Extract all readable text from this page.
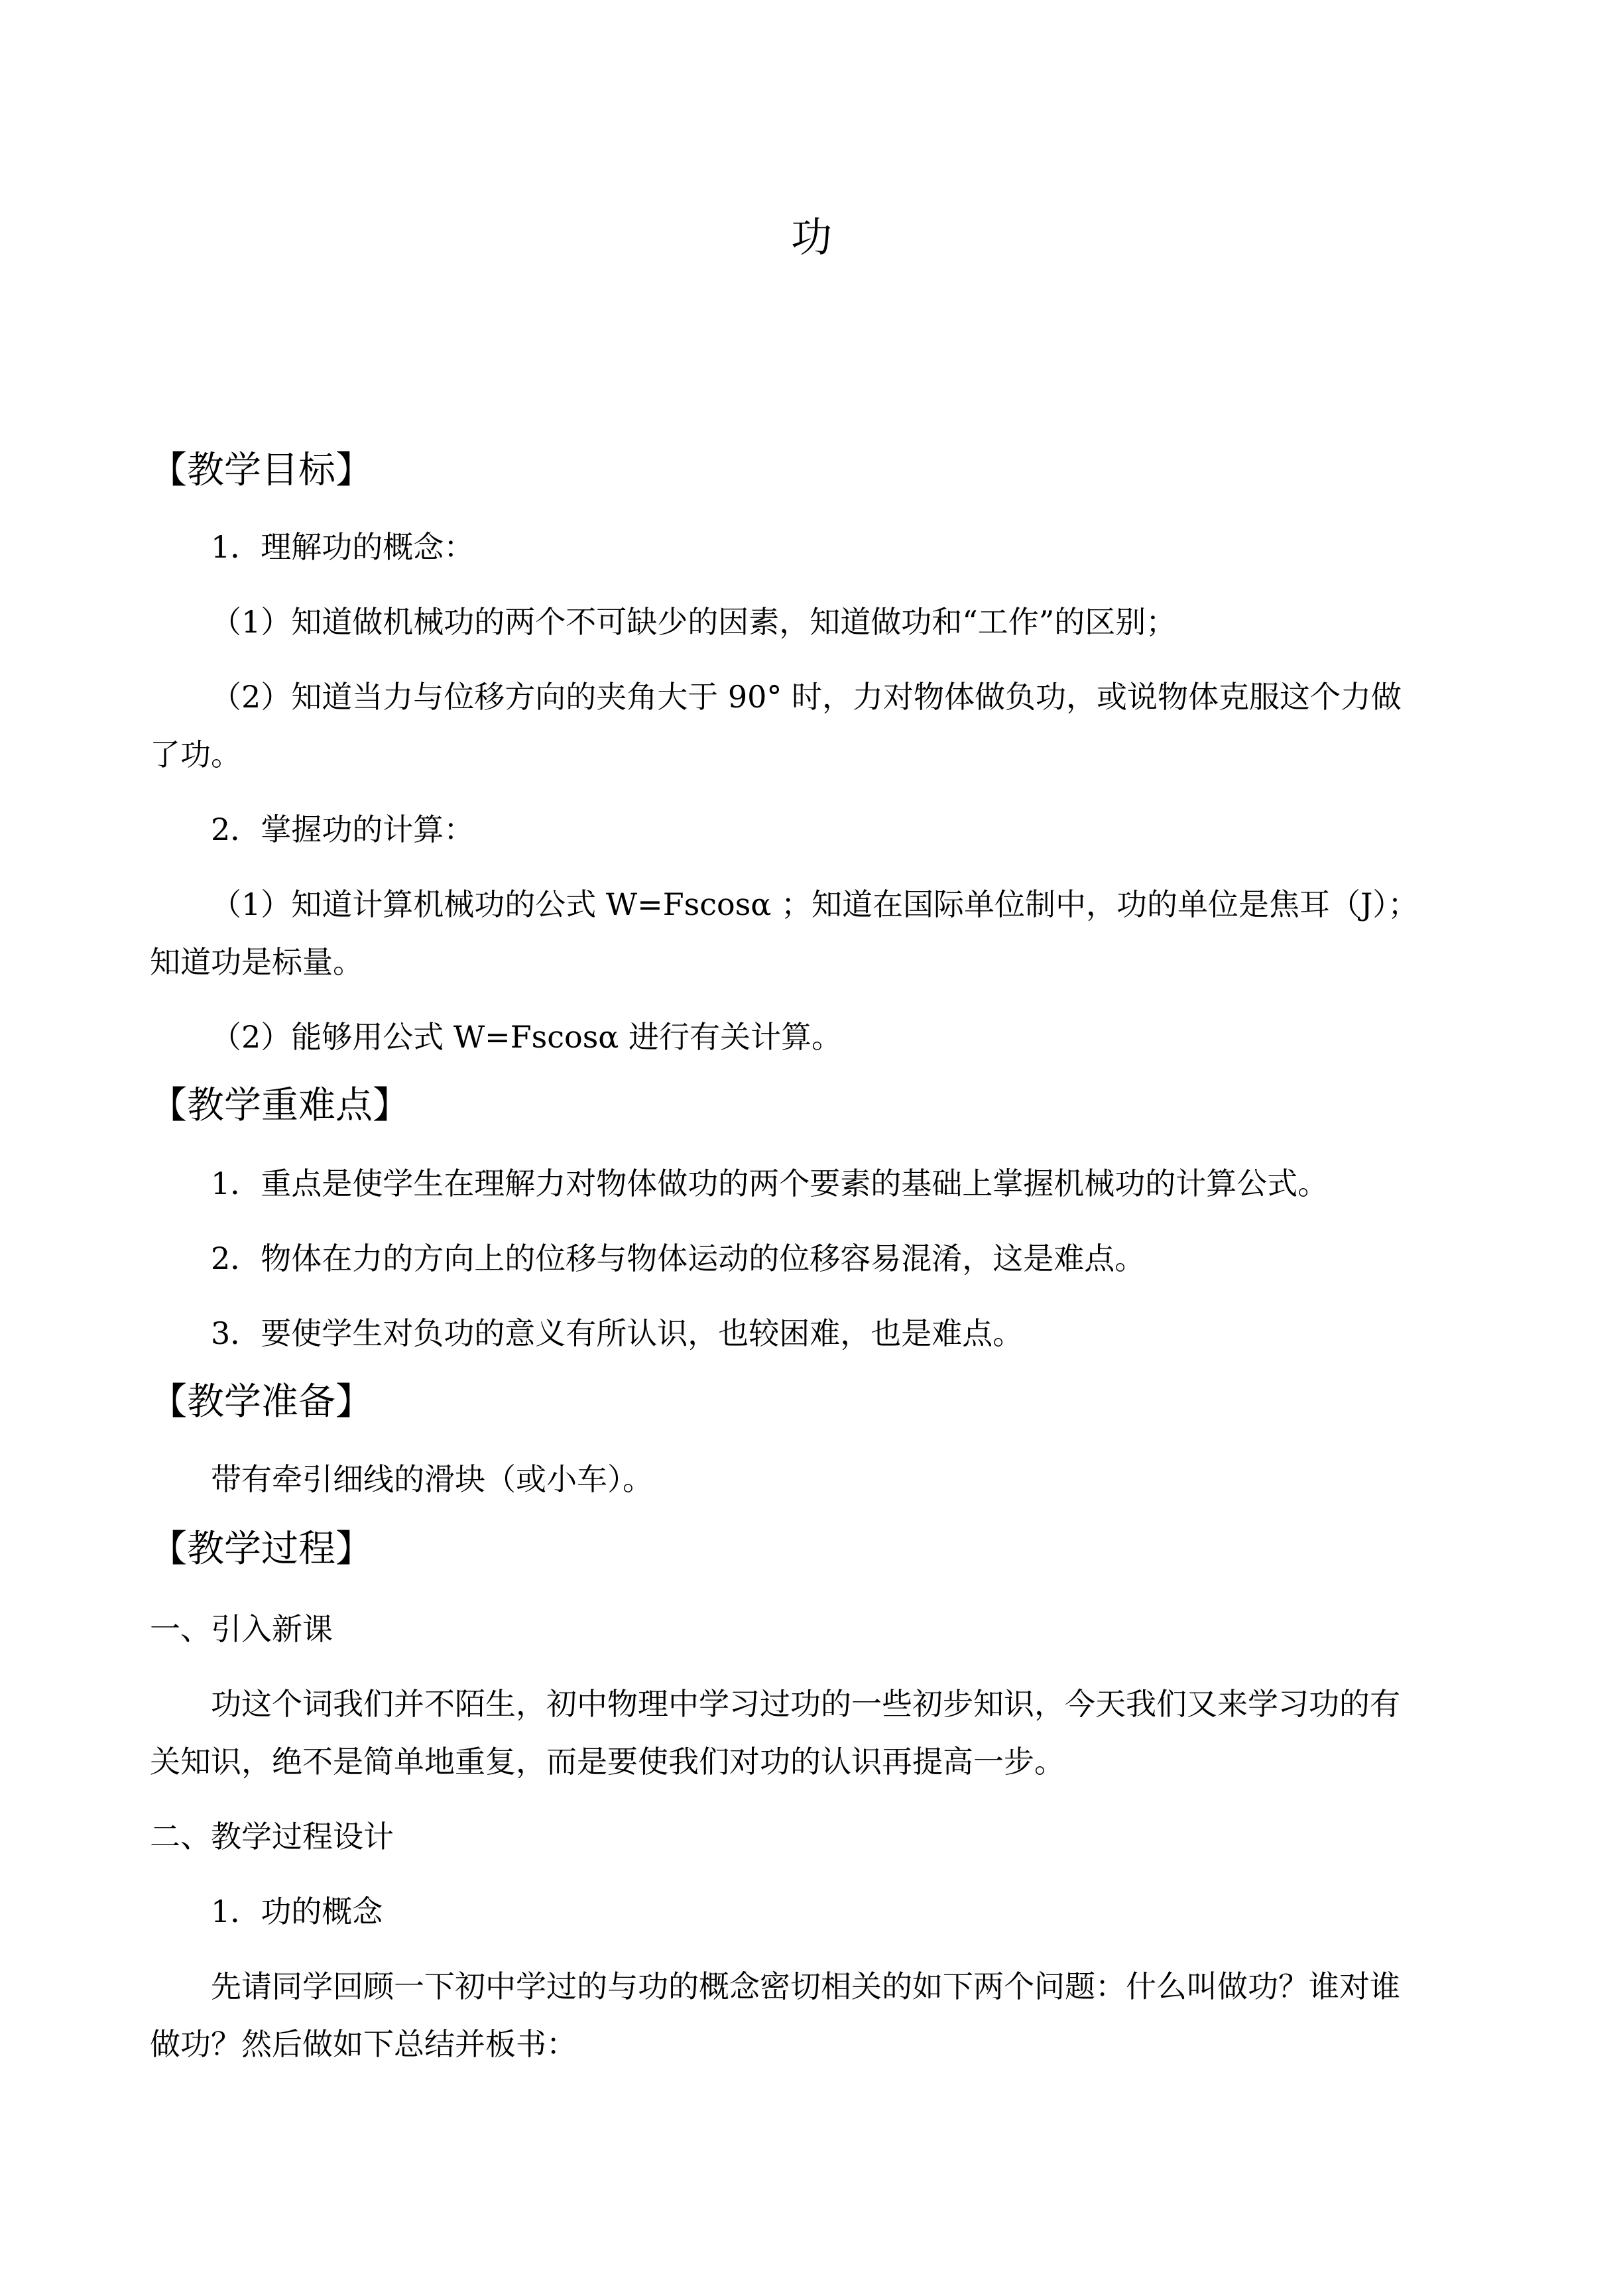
功
【教学目标】
1．理解功的概念：
（1）知道做机械功的两个不可缺少的因素，知道做功和“工作”的区别；
（2）知道当力与位移方向的夹角大于 90° 时，力对物体做负功，或说物体克服这个力做
了功。
2．掌握功的计算：
（1）知道计算机械功的公式 W=Fscosα ；知道在国际单位制中，功的单位是焦耳（J）；
知道功是标量。
（2）能够用公式 W=Fscosα 进行有关计算。
【教学重难点】
1．重点是使学生在理解力对物体做功的两个要素的基础上掌握机械功的计算公式。
2．物体在力的方向上的位移与物体运动的位移容易混淆，这是难点。
3．要使学生对负功的意义有所认识，也较困难，也是难点。
【教学准备】
带有牵引细线的滑块（或小车）。
【教学过程】
一、引入新课
功这个词我们并不陌生，初中物理中学习过功的一些初步知识，今天我们又来学习功的有
关知识，绝不是简单地重复，而是要使我们对功的认识再提高一步。
二、教学过程设计
1．功的概念
先请同学回顾一下初中学过的与功的概念密切相关的如下两个问题：什么叫做功？谁对谁
做功？然后做如下总结并板书：
